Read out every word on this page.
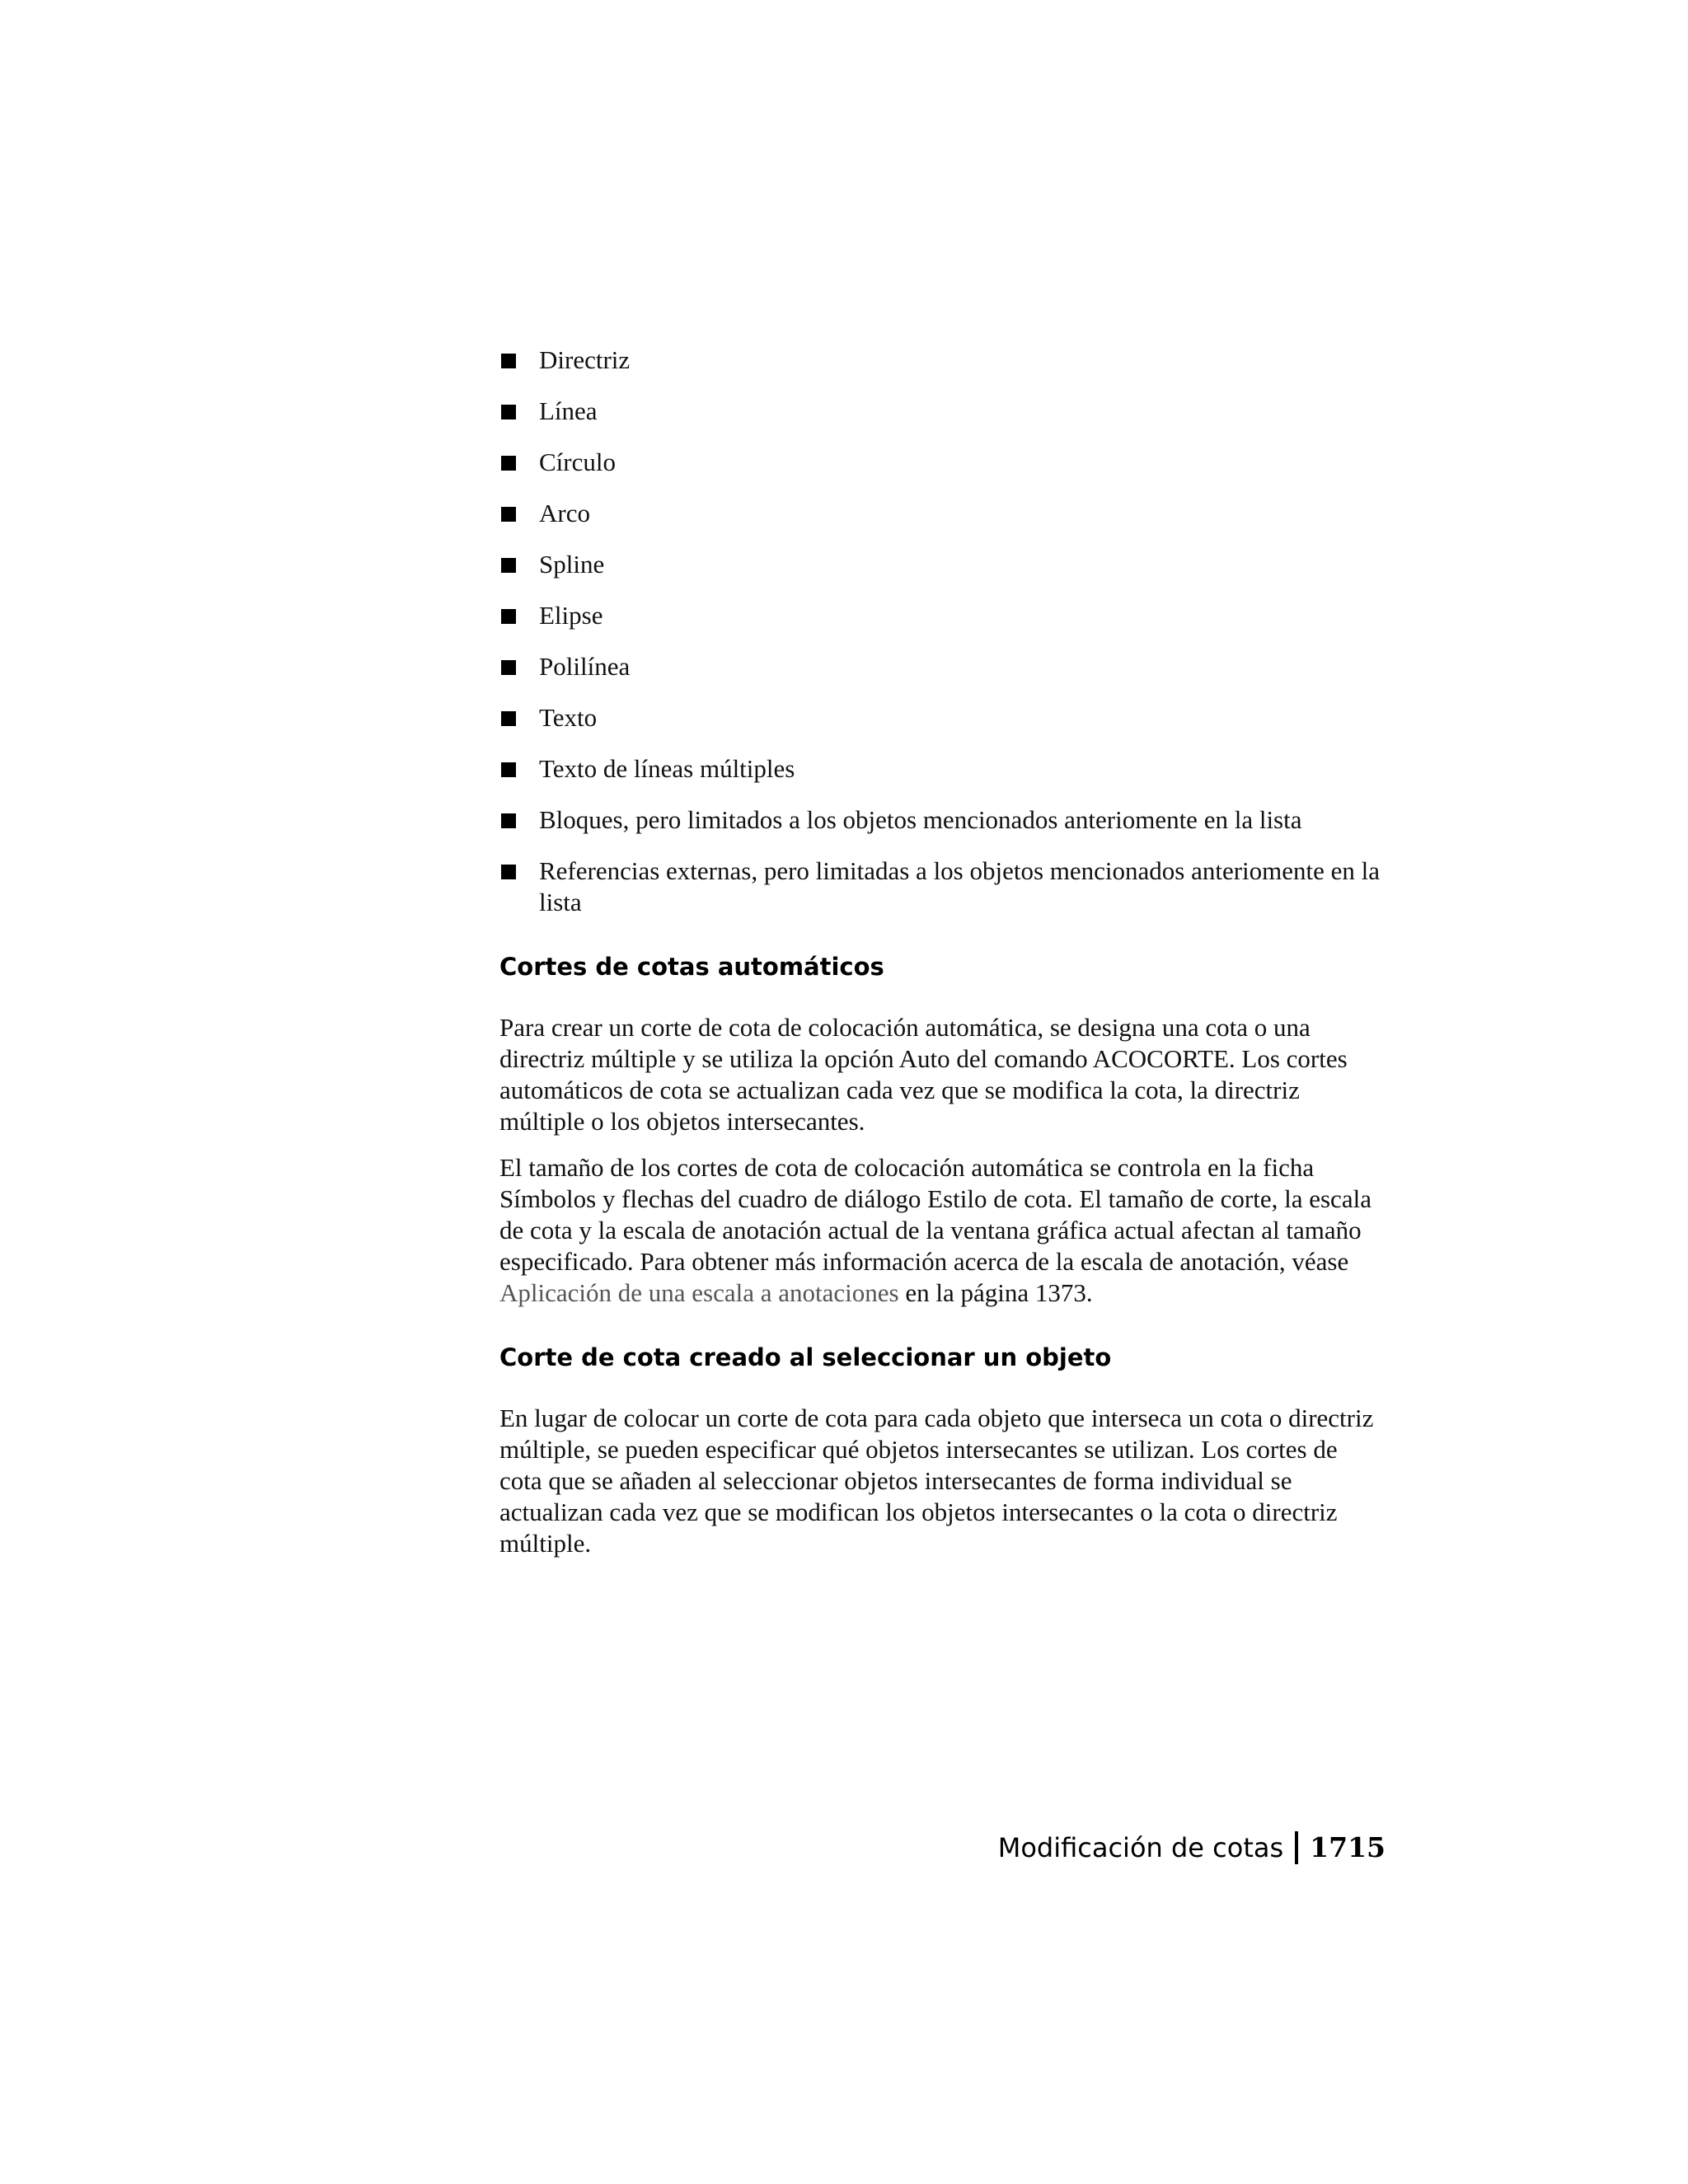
Directriz
Línea
Círculo
Arco
Spline
Elipse
Polilínea
Texto
Texto de líneas múltiples
Bloques, pero limitados a los objetos mencionados anteriomente en la lista
Referencias externas, pero limitadas a los objetos mencionados anteriomente en la lista
Cortes de cotas automáticos

Para crear un corte de cota de colocación automática, se designa una cota o una directriz múltiple y se utiliza la opción Auto del comando ACOCORTE. Los cortes automáticos de cota se actualizan cada vez que se modifica la cota, la directriz múltiple o los objetos intersecantes.

El tamaño de los cortes de cota de colocación automática se controla en la ficha Símbolos y flechas del cuadro de diálogo Estilo de cota. El tamaño de corte, la escala de cota y la escala de anotación actual de la ventana gráfica actual afectan al tamaño especificado. Para obtener más información acerca de la escala de anotación, véase Aplicación de una escala a anotaciones en la página 1373.

Corte de cota creado al seleccionar un objeto

En lugar de colocar un corte de cota para cada objeto que interseca un cota o directriz múltiple, se pueden especificar qué objetos intersecantes se utilizan. Los cortes de cota que se añaden al seleccionar objetos intersecantes de forma individual se actualizan cada vez que se modifican los objetos intersecantes o la cota o directriz múltiple.

Modificación de cotas 1715
